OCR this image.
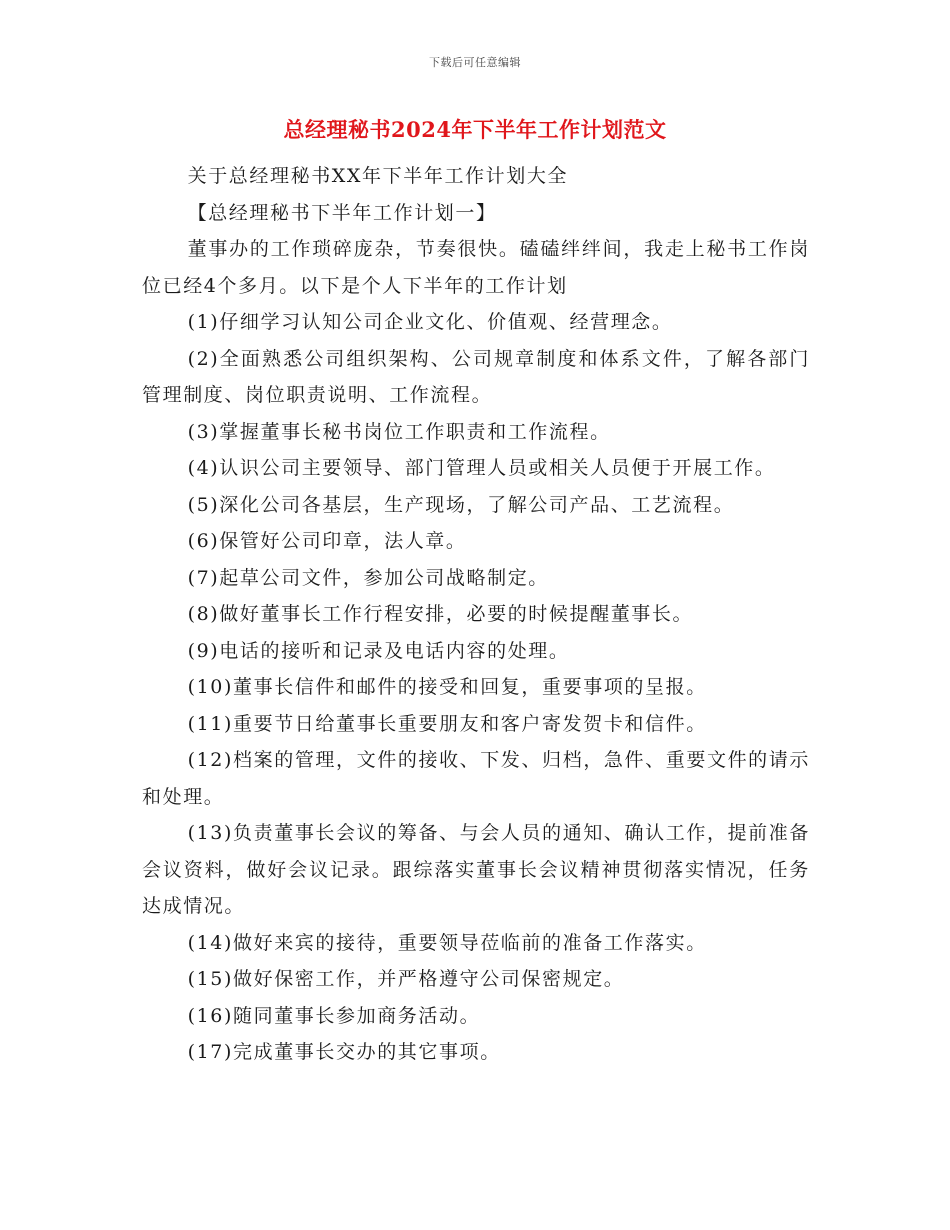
下载后可任意编辑
总经理秘书2024年下半年工作计划范文

关于总经理秘书XX年下半年工作计划大全

【总经理秘书下半年工作计划一】

董事办的工作琐碎庞杂，节奏很快。磕磕绊绊间，我走上秘书工作岗位已经4个多月。以下是个人下半年的工作计划

(1)仔细学习认知公司企业文化、价值观、经营理念。

(2)全面熟悉公司组织架构、公司规章制度和体系文件，了解各部门管理制度、岗位职责说明、工作流程。

(3)掌握董事长秘书岗位工作职责和工作流程。

(4)认识公司主要领导、部门管理人员或相关人员便于开展工作。

(5)深化公司各基层，生产现场，了解公司产品、工艺流程。

(6)保管好公司印章，法人章。

(7)起草公司文件，参加公司战略制定。

(8)做好董事长工作行程安排，必要的时候提醒董事长。

(9)电话的接听和记录及电话内容的处理。

(10)董事长信件和邮件的接受和回复，重要事项的呈报。

(11)重要节日给董事长重要朋友和客户寄发贺卡和信件。

(12)档案的管理，文件的接收、下发、归档，急件、重要文件的请示和处理。

(13)负责董事长会议的筹备、与会人员的通知、确认工作，提前准备会议资料，做好会议记录。跟综落实董事长会议精神贯彻落实情况，任务达成情况。

(14)做好来宾的接待，重要领导莅临前的准备工作落实。

(15)做好保密工作，并严格遵守公司保密规定。

(16)随同董事长参加商务活动。

(17)完成董事长交办的其它事项。
